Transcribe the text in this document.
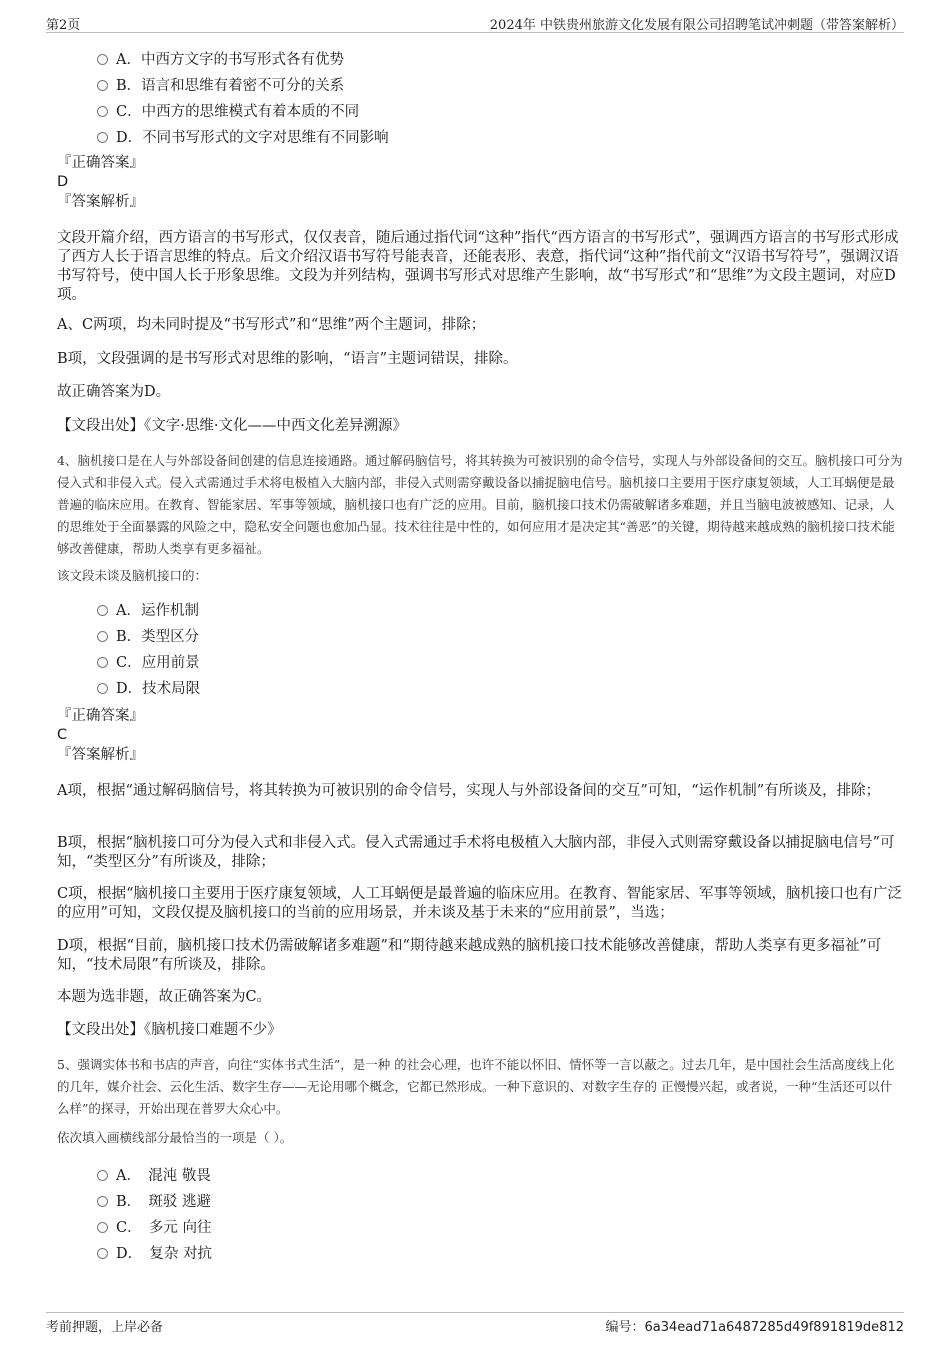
第2页	2024年 中铁贵州旅游文化发展有限公司招聘笔试冲刺题（带答案解析）
A．中西方文字的书写形式各有优势
B．语言和思维有着密不可分的关系
C．中西方的思维模式有着本质的不同
D．不同书写形式的文字对思维有不同影响
『正确答案』
D
『答案解析』
文段开篇介绍，西方语言的书写形式，仅仅表音，随后通过指代词“这种”指代“西方语言的书写形式”，强调西方语言的书写形式形成了西方人长于语言思维的特点。后文介绍汉语书写符号能表音，还能表形、表意，指代词“这种”指代前文“汉语书写符号”，强调汉语书写符号，使中国人长于形象思维。文段为并列结构，强调书写形式对思维产生影响，故“书写形式”和“思维”为文段主题词，对应D项。
A、C两项，均未同时提及“书写形式”和“思维”两个主题词，排除；
B项，文段强调的是书写形式对思维的影响，“语言”主题词错误，排除。
故正确答案为D。
【文段出处】《文字·思维·文化——中西文化差异溯源》
4、脑机接口是在人与外部设备间创建的信息连接通路。通过解码脑信号，将其转换为可被识别的命令信号，实现人与外部设备间的交互。脑机接口可分为侵入式和非侵入式。侵入式需通过手术将电极植入大脑内部，非侵入式则需穿戴设备以捕捉脑电信号。脑机接口主要用于医疗康复领域，人工耳蜗便是最普遍的临床应用。在教育、智能家居、军事等领域，脑机接口也有广泛的应用。目前，脑机接口技术仍需破解诸多难题，并且当脑电波被感知、记录，人的思维处于全面暴露的风险之中，隐私安全问题也愈加凸显。技术往往是中性的，如何应用才是决定其“善恶”的关键，期待越来越成熟的脑机接口技术能够改善健康，帮助人类享有更多福祉。
该文段未谈及脑机接口的：
A．运作机制
B．类型区分
C．应用前景
D．技术局限
『正确答案』
C
『答案解析』
A项，根据“通过解码脑信号，将其转换为可被识别的命令信号，实现人与外部设备间的交互”可知，“运作机制”有所谈及，排除；
B项，根据“脑机接口可分为侵入式和非侵入式。侵入式需通过手术将电极植入大脑内部，非侵入式则需穿戴设备以捕捉脑电信号”可知，“类型区分”有所谈及，排除；
C项，根据“脑机接口主要用于医疗康复领域，人工耳蜗便是最普遍的临床应用。在教育、智能家居、军事等领域，脑机接口也有广泛的应用”可知，文段仅提及脑机接口的当前的应用场景，并未谈及基于未来的“应用前景”，当选；
D项，根据“目前，脑机接口技术仍需破解诸多难题”和“期待越来越成熟的脑机接口技术能够改善健康，帮助人类享有更多福祉”可知，“技术局限”有所谈及，排除。
本题为选非题，故正确答案为C。
【文段出处】《脑机接口难题不少》
5、强调实体书和书店的声音，向往“实体书式生活”，是一种 的社会心理，也许不能以怀旧、情怀等一言以蔽之。过去几年，是中国社会生活高度线上化的几年，媒介社会、云化生活、数字生存——无论用哪个概念，它都已然形成。一种下意识的、对数字生存的 正慢慢兴起，或者说，一种“生活还可以什么样”的探寻，开始出现在普罗大众心中。
依次填入画横线部分最恰当的一项是（ ）。
A．　混沌 敬畏
B．　斑驳 逃避
C．　多元 向往
D．　复杂 对抗
考前押题，上岸必备	编号：6a34ead71a6487285d49f891819de812
